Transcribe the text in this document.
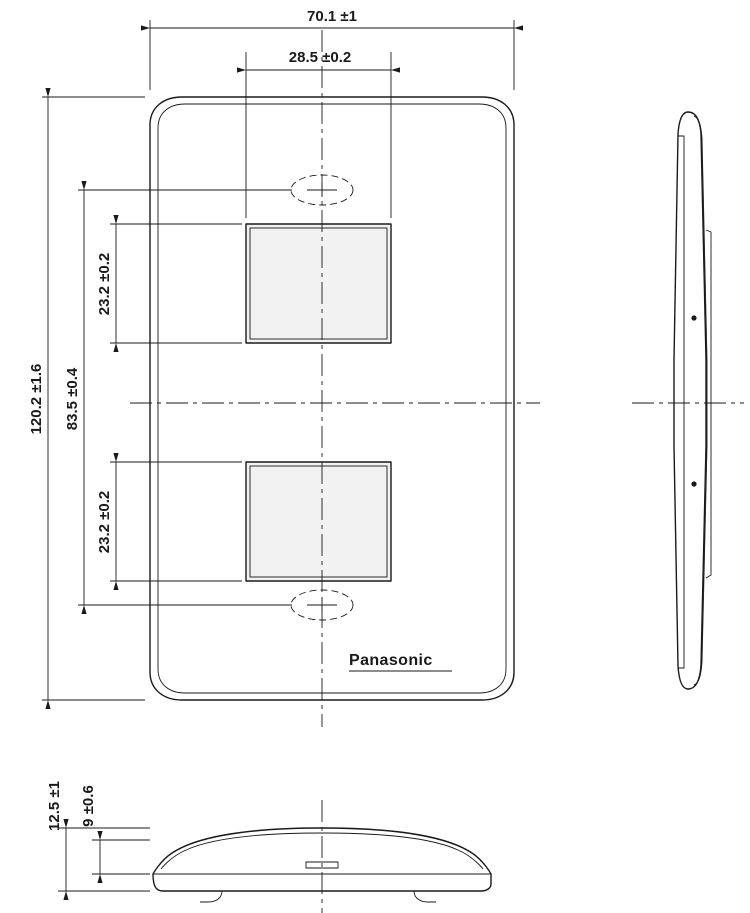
Panasonic
70.1 ±1
28.5 ±0.2
120.2 ±1.6 83.5 ±0.4
23.2 ±0.2
23.2 ±0.2
12.5 ±1 9 ±0.6
